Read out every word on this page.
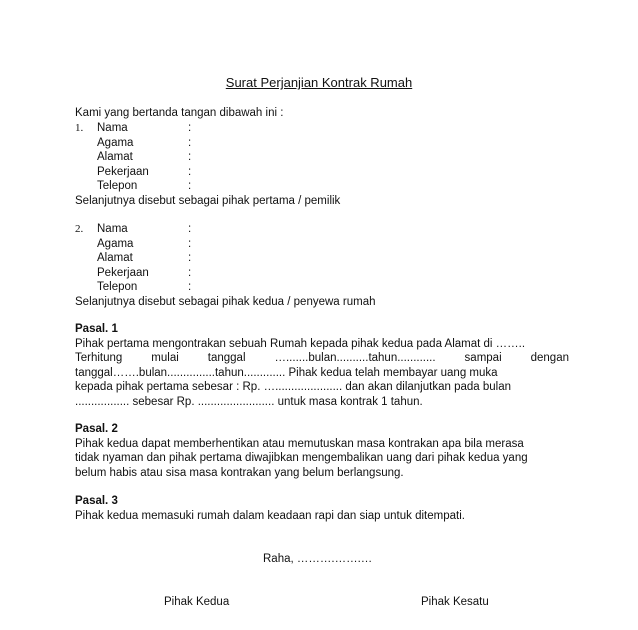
Surat Perjanjian Kontrak Rumah
Kami yang bertanda tangan dibawah ini :
1. Nama	:
Agama	:
Alamat	:
Pekerjaan	:
Telepon	:
Selanjutnya disebut sebagai pihak pertama / pemilik
2. Nama	:
Agama	:
Alamat	:
Pekerjaan	:
Telepon	:
Selanjutnya disebut sebagai pihak kedua / penyewa rumah
Pasal. 1
Pihak pertama mengontrakan sebuah Rumah kepada pihak kedua pada Alamat di ……..
Terhitung	mulai	tanggal	….......bulan..........tahun............	sampai	dengan
tanggal…….bulan...............tahun............. Pihak kedua telah membayar uang muka
kepada pihak pertama sebesar : Rp. …..................... dan akan dilanjutkan pada bulan
................. sebesar Rp. ........................ untuk masa kontrak 1 tahun.
Pasal. 2
Pihak kedua dapat memberhentikan atau memutuskan masa kontrakan apa bila merasa
tidak nyaman dan pihak pertama diwajibkan mengembalikan uang dari pihak kedua yang
belum habis atau sisa masa kontrakan yang belum berlangsung.
Pasal. 3
Pihak kedua memasuki rumah dalam keadaan rapi dan siap untuk ditempati.
Raha, ……….…….…
Pihak Kedua	Pihak Kesatu
